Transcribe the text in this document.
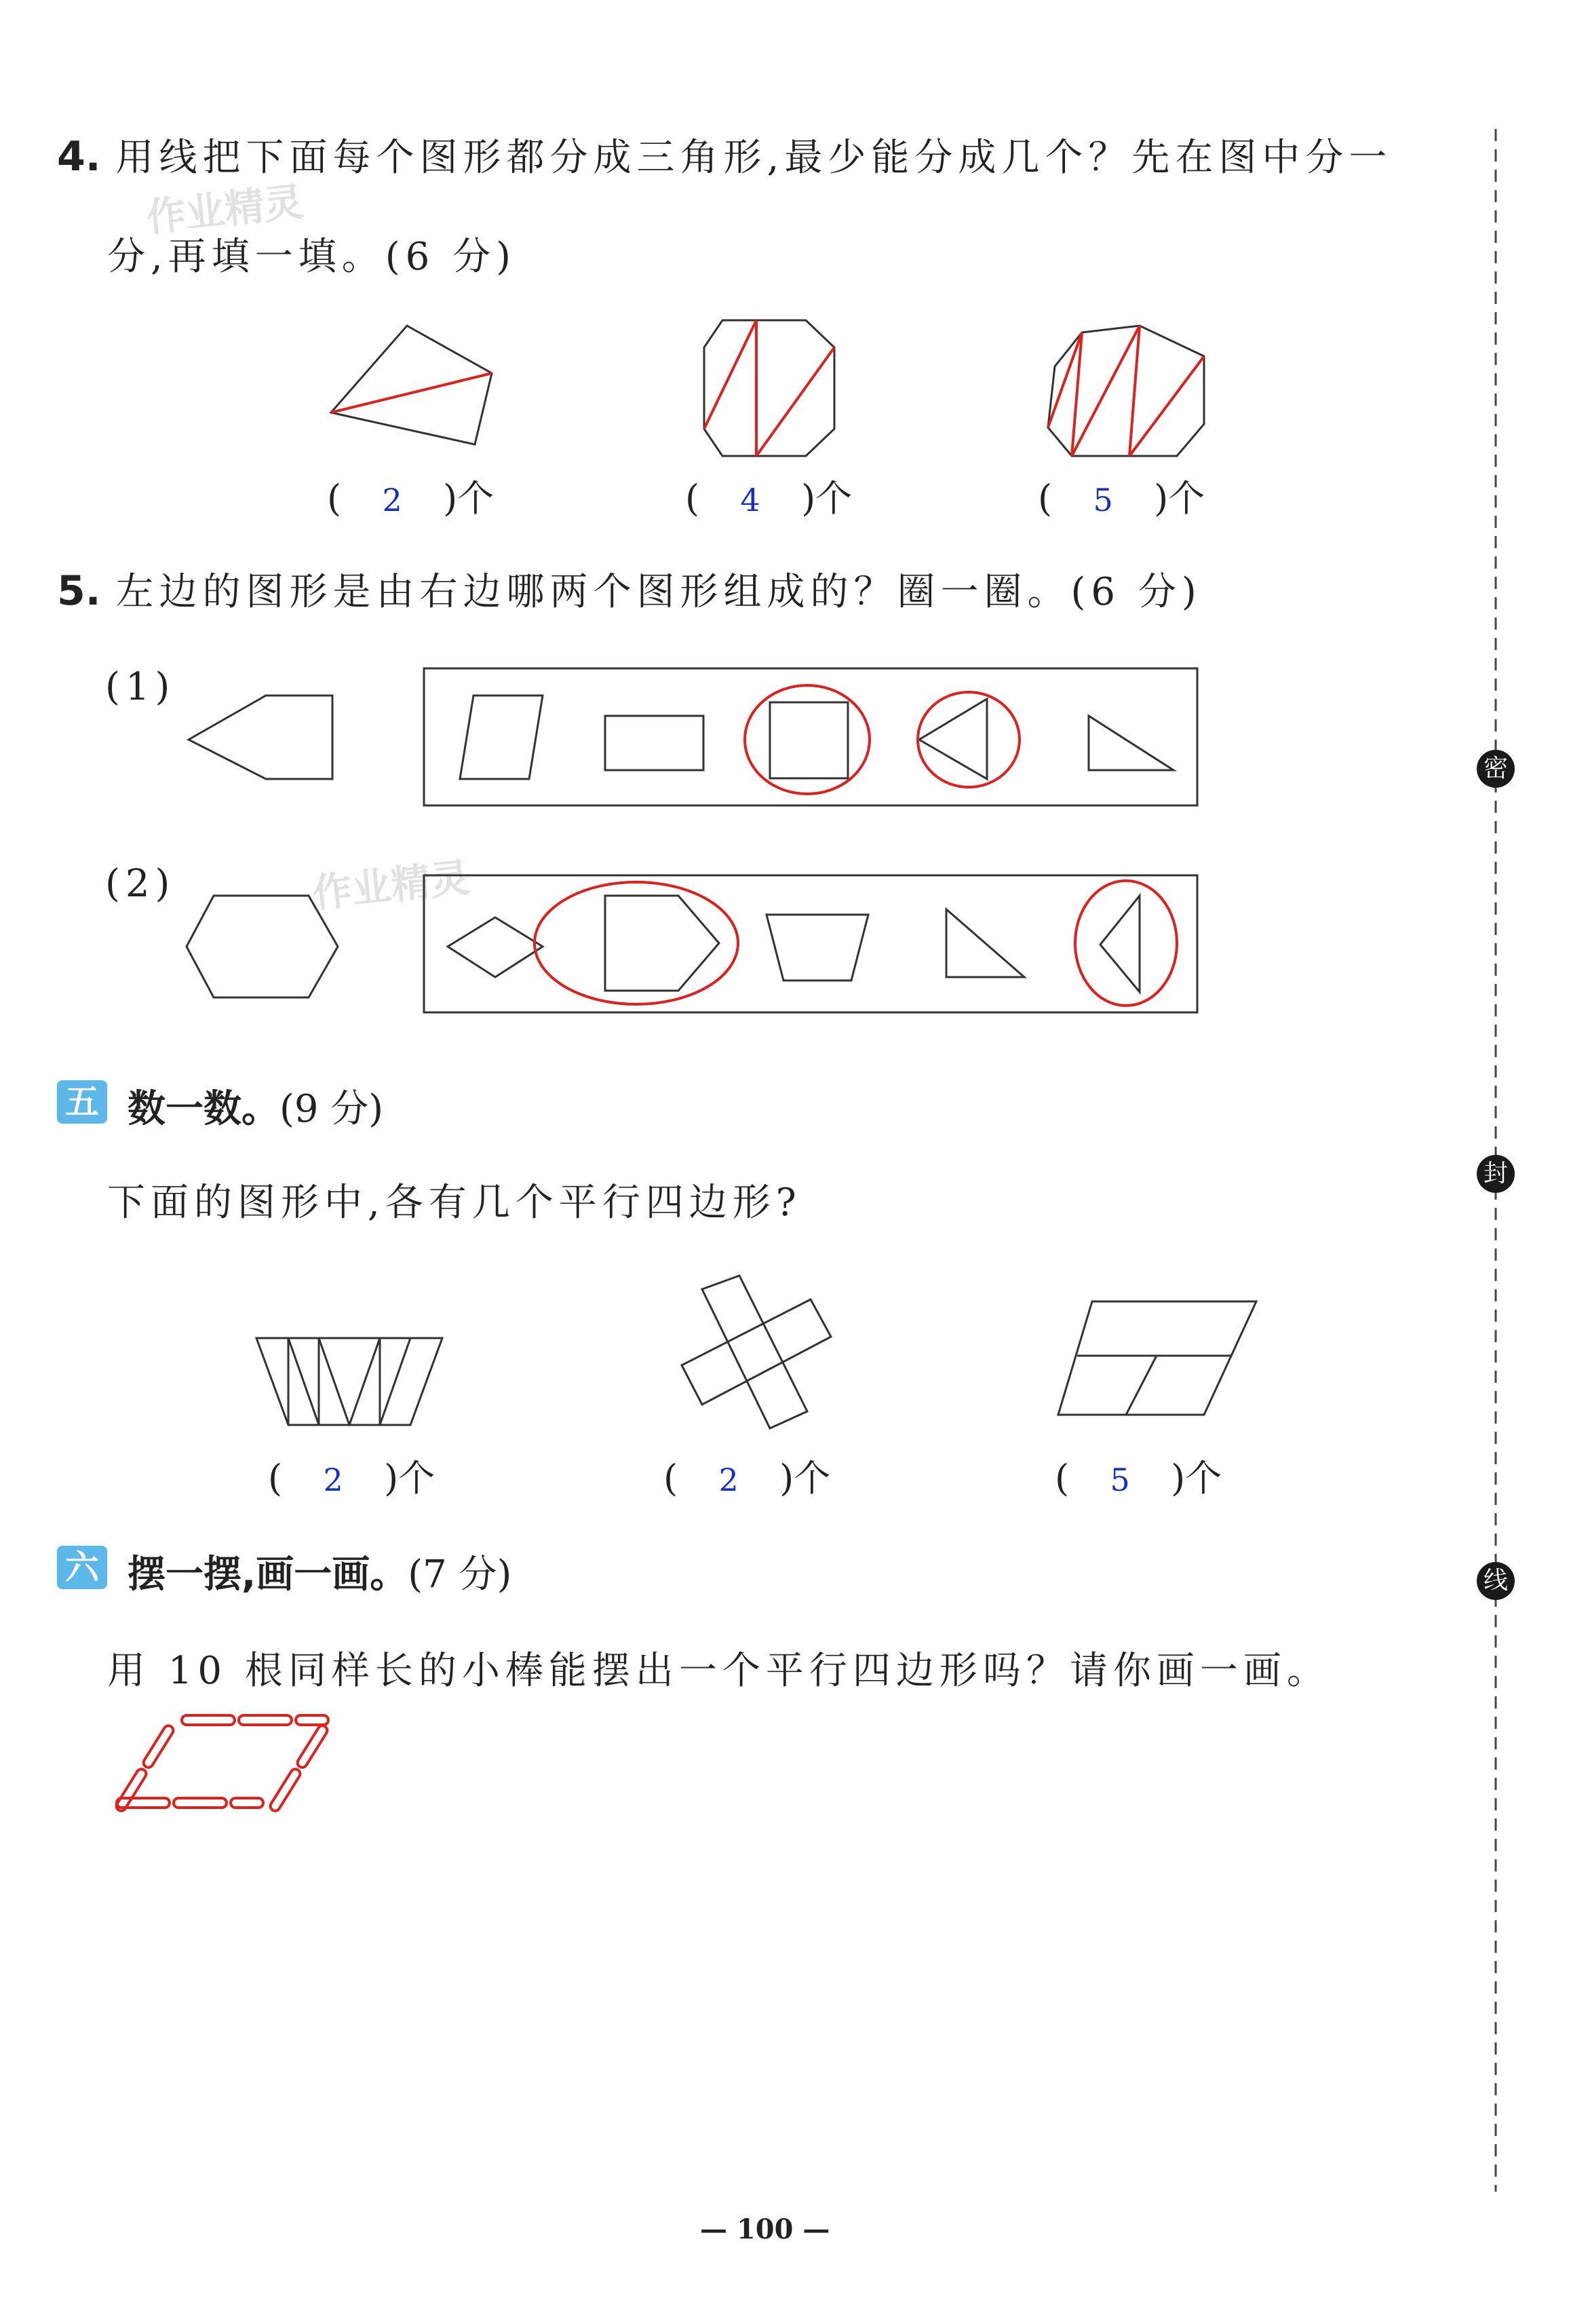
作业精灵
作业精灵
4. 用线把下面每个图形都分成三角形,最少能分成几个？先在图中分一
分,再填一填。(6 分)
( 2 )个	( 4 )个	( 5 )个
5. 左边的图形是由右边哪两个图形组成的？圈一圈。(6 分)
(1)
(2)
五 数一数。(9 分)
下面的图形中,各有几个平行四边形?
( 2 )个	( 2 )个	( 5 )个
六 摆一摆,画一画。(7 分)
用 10 根同样长的小棒能摆出一个平行四边形吗？请你画一画。
密
封
线
— 100 —
